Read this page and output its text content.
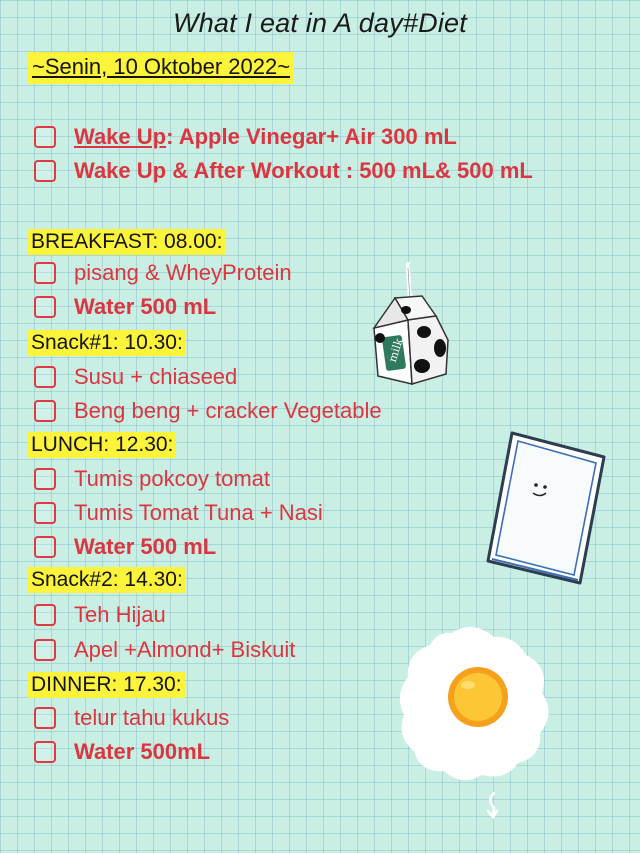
What I eat in A day#Diet
~Senin, 10 Oktober 2022~
Wake Up: Apple Vinegar+ Air 300 mL
Wake Up & After Workout : 500 mL& 500 mL
BREAKFAST: 08.00:
pisang & WheyProtein
Water 500 mL
Snack#1: 10.30:
Susu + chiaseed
Beng beng + cracker Vegetable
LUNCH: 12.30:
Tumis pokcoy tomat
Tumis Tomat Tuna + Nasi
Water 500 mL
Snack#2: 14.30:
Teh Hijau
Apel +Almond+ Biskuit
DINNER: 17.30:
telur tahu kukus
Water 500mL
milk
EGG
